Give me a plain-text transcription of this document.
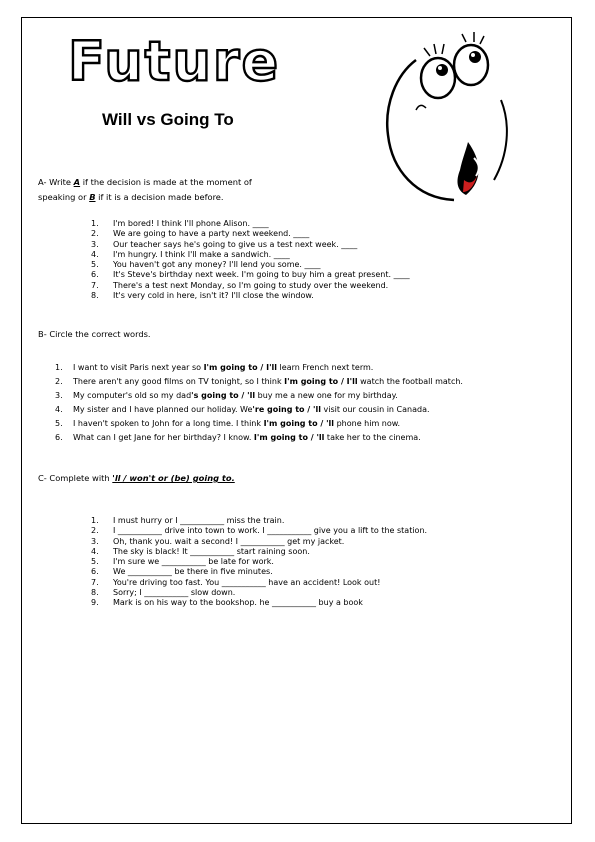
Future
Will vs Going To
A- Write A if the decision is made at the moment of
speaking or B if it is a decision made before.
1. I'm bored! I think I'll phone Alison. ____
2. We are going to have a party next weekend. ____
3. Our teacher says he's going to give us a test next week. ____
4. I'm hungry. I think I'll make a sandwich. ____
5. You haven't got any money? I'll lend you some. ____
6. It's Steve's birthday next week. I'm going to buy him a great present. ____
7. There's a test next Monday, so I'm going to study over the weekend.
8. It's very cold in here, isn't it? I'll close the window.
B- Circle the correct words.
1. I want to visit Paris next year so I'm going to / I'll learn French next term.
2. There aren't any good films on TV tonight, so I think I'm going to / I'll watch the football match.
3. My computer's old so my dad's going to / 'll buy me a new one for my birthday.
4. My sister and I have planned our holiday. We're going to / 'll visit our cousin in Canada.
5. I haven't spoken to John for a long time. I think I'm going to / 'll phone him now.
6. What can I get Jane for her birthday? I know. I'm going to / 'll take her to the cinema.
C- Complete with 'll / won't or (be) going to.
1. I must hurry or I ___________ miss the train.
2. I ___________ drive into town to work. I ___________ give you a lift to the station.
3. Oh, thank you. wait a second! I ___________ get my jacket.
4. The sky is black! It ___________ start raining soon.
5. I'm sure we ___________ be late for work.
6. We ___________ be there in five minutes.
7. You're driving too fast. You ___________ have an accident! Look out!
8. Sorry; I ___________ slow down.
9. Mark is on his way to the bookshop. he ___________ buy a book
